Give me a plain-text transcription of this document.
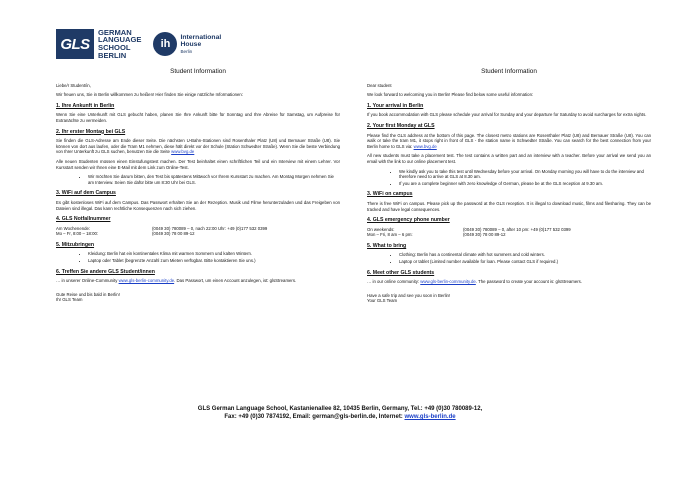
GLS
GERMAN
LANGUAGE
SCHOOL
BERLIN
ih
International
House
Berlin
Student Information

Liebe/r Student/in,

Wir freuen uns, Sie in Berlin willkommen zu heißen! Hier finden Sie einige nützliche Informationen:

1. Ihre Ankunft in Berlin

Wenn Sie eine Unterkunft mit GLS gebucht haben, planen Sie Ihre Ankunft bitte für Sonntag und Ihre Abreise für Samstag, um Aufpreise für Extranächte zu vermeiden.

2. Ihr erster Montag bei GLS

Sie finden die GLS-Adresse am Ende dieser Seite. Die nächsten U-Bahn-Stationen sind Rosenthaler Platz (U8) und Bernauer Straße (U8). Sie können von dort aus laufen, oder die Tram M1 nehmen, diese hält direkt vor der Schule (Station Schwedter Straße). Wenn Sie die beste Verbindung von Ihrer Unterkunft zu GLS suchen, benutzen Sie die Seite www.bvg.de

Alle neuen Studenten müssen einen Einstufungstest machen. Der Test beinhaltet einen schriftlichen Teil und ein Interview mit einem Lehrer. Vor Kursstart senden wir Ihnen eine E-Mail mit dem Link zum Online-Test.

• Wir möchten Sie darum bitten, den Test bis spätestens Mittwoch vor Ihrem Kursstart zu machen. Am Montag Morgen nehmen Sie am Interview. Seien Sie dafür bitte um 8:30 Uhr bei GLS.
3. WiFi auf dem Campus

Es gibt kostenloses WiFi auf dem Campus. Das Passwort erhalten Sie an der Rezeption. Musik und Filme herunterzuladen und das Freigeben von Dateien sind illegal. Das kann rechtliche Konsequenzen nach sich ziehen.

4. GLS Notfallnummer
Am Wochenende:	(0049 30) 780089 – 0, nach 22:00 Uhr: +49 (0)177 532 0399
Mo – Fr, 8:00 – 18:00:	(0049 30) 78 00 89-12
5. Mitzubringen
• Kleidung: Berlin hat ein kontinentales Klima mit warmen Sommern und kalten Wintern.
• Laptop oder Tablet (begrenzte Anzahl zum Mieten verfügbar. Bitte kontaktieren Sie uns.)
6. Treffen Sie andere GLS Student/innen

… in unserer Online-Community www.gls-berlin-community.de. Das Passwort, um einen Account anzulegen, ist: glsStreamers.

Gute Reise und bis bald in Berlin!
Ihr GLS Team
Student Information

Dear student

We look forward to welcoming you in Berlin! Please find below some useful information:

1. Your arrival in Berlin

If you book accommodation with GLS please schedule your arrival for Sunday and your departure for Saturday to avoid surcharges for extra nights.

2. Your first Monday at GLS

Please find the GLS address at the bottom of this page. The closest metro stations are Rosenthaler Platz (U8) and Bernauer Straße (U8). You can walk or take the tram M1, it stops right in front of GLS - the station name is Schwedter Straße. You can search for the best connection from your Berlin home to GLS via: www.bvg.de

All new students must take a placement test. The test contains a written part and an interview with a teacher. Before your arrival we send you an email with the link to our online placement test.

• We kindly ask you to take this test until Wednesday before your arrival. On Monday morning you will have to do the interview and therefore need to arrive at GLS at 8.30 am.
• If you are a complete beginner with zero knowledge of German, please be at the GLS reception at 9.30 am.
3. WiFi on campus

There is free WiFi on campus. Please pick up the password at the GLS reception. It is illegal to download music, films and filesharing. They can be tracked and have legal consequences.

4. GLS emergency phone number
On weekends:	(0049 30) 780089 – 0, after 10 pm: +49 (0)177 532 0399
Mon – Fri, 8 am – 6 pm:	(0049 30) 78 00 89-12
5. What to bring
• Clothing: Berlin has a continental climate with hot summers and cold winters.
• Laptop or tablet (Limited number available for loan. Please contact GLS if required.)
6. Meet other GLS students

… in our online community: www.gls-berlin-community.de. The password to create your account is: glsStreamers.

Have a safe trip and see you soon in Berlin!
Your GLS Team
GLS German Language School, Kastanienallee 82, 10435 Berlin, Germany, Tel.: +49 (0)30 780089-12,
Fax: +49 (0)30 7874192, Email: german@gls-berlin.de, Internet: www.gls-berlin.de
